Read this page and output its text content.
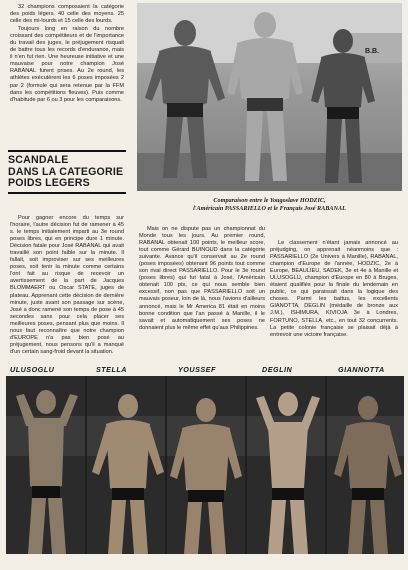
32 champions composaient la catégorie des poids légers. 40 celle des moyens. 25 celle des mi-lourds et 15 celle des lourds.

Toujours long en raison du nombre croissant des compétiteurs et de l'importance du travail des juges, le préjugement risquait de battre tous les records d'endurance, mais il n'en fut rien. Une heureuse initiative et une mauvaise pour notre champion José RABANAL furent prises. Au 2e round, les athlètes exécutèrent les 6 poses imposées 2 par 2 (formule qui sera retenue par la FFM dans les compétitions fleuves). Puis comme d'habitude par 6 ou 3 pour les comparaisons.

SCANDALE
DANS LA CATEGORIE
POIDS LEGERS

Pour gagner encore du temps sur l'horaire, l'autre décision fut de ramener à 45 s. le temps initialement imparti au 3e round poses libres, qui en principe dure 1 minute. Décision fatale pour José RABANAL qui avait travaillé son point faible sur la minute. Il fallait, soit improviser sur ses meilleures poses, soit tenir la minute comme certains l'ont fait au risque de recevoir un avertissement de la part de Jacques BLOMMAERT ou Oscar STATE, juges de plateau. Apprenant cette décision de dernière minute, juste avant son passage sur scène, José a donc ramené son temps de pose à 45 secondes sans pour cela placer ses meilleures poses, pensant plus que moins. Il nous faut reconnaître que notre champion d'EUROPE n'a pas bien posé au préjugement, nous pensons qu'il a manqué d'un certain sang-froid devant la situation.

B.B.
Comparaison entre le Yougoslave HODZIC,
l'Américain PASSARIELLO et le Français José RABANAL

Mais on ne dispute pas un championnat du Monde tous les jours. Au premier round, RABANAL obtenait 100 points, le meilleur score, tout comme Gérard BUINOUD dans la catégorie suivante. Avance qu'il conservait au 2e round (poses imposées) obtenant 96 points tout comme son rival direct PASSARIELLO. Pour le 3e round (poses libres) qui fut fatal à José, l'Américain obtenait 100 pts, ce qui nous semble bien excessif, non pas que PASSARIELLO soit un mauvais poseur, loin de là, nous l'avions d'ailleurs annoncé, mais le Mr America 81 était en moins bonne condition que l'an passé à Manille, il le savait et automatiquement ses poses ne donnaient plus le même effet qu'aux Philippines.

Le classement n'étant jamais annoncé au préjudging, on apprenait néanmoins que : PASSARIELLO (2e Univers à Manille), RABANAL, champion d'Europe de l'année, HODZIC, 2e à Europe, BEAULIEU, SADEK, 3e et 4e à Manille et ULUSOGLU, champion d'Europe en 80 à Bruges, étaient qualifiés pour la finale du lendemain en public, ce qui paraissait dans la logique des choses. Parmi les battus, les excellents GIANOTTA, DEGLIN (médaille de bronze aux J.M.), ISHIMURA, KIVIOJA 3e à Londres, FORTUNO, STELLA, etc., en tout 32 concurrents. La petite colonie française se plaisait déjà à entrevoir une victoire française.

ULUSOGLU	STELLA	YOUSSEF	DEGLIN	GIANNOTTA
